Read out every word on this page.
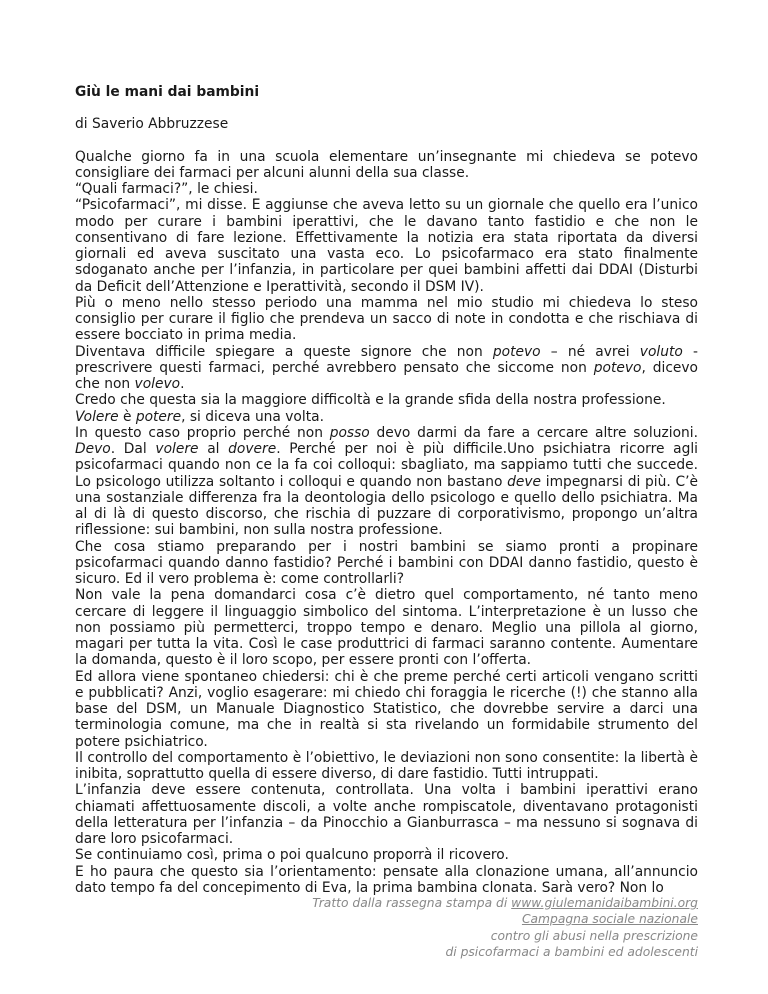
Giù le mani dai bambini
di Saverio Abbruzzese

Qualche giorno fa in una scuola elementare un’insegnante mi chiedeva se potevo consigliare dei farmaci per alcuni alunni della sua classe.

“Quali farmaci?”, le chiesi.

“Psicofarmaci”, mi disse. E aggiunse che aveva letto su un giornale che quello era l’unico modo per curare i bambini iperattivi, che le davano tanto fastidio e che non le consentivano di fare lezione. Effettivamente la notizia era stata riportata da diversi giornali ed aveva suscitato una vasta eco. Lo psicofarmaco era stato finalmente sdoganato anche per l’infanzia, in particolare per quei bambini affetti dai DDAI (Disturbi da Deficit dell’Attenzione e Iperattività, secondo il DSM IV).

Più o meno nello stesso periodo una mamma nel mio studio mi chiedeva lo steso consiglio per curare il figlio che prendeva un sacco di note in condotta e che rischiava di essere bocciato in prima media.

Diventava difficile spiegare a queste signore che non potevo – né avrei voluto - prescrivere questi farmaci, perché avrebbero pensato che siccome non potevo, dicevo che non volevo.

Credo che questa sia la maggiore difficoltà e la grande sfida della nostra professione.

Volere è potere, si diceva una volta.

In questo caso proprio perché non posso devo darmi da fare a cercare altre soluzioni. Devo. Dal volere al dovere. Perché per noi è più difficile.Uno psichiatra ricorre agli psicofarmaci quando non ce la fa coi colloqui: sbagliato, ma sappiamo tutti che succede. Lo psicologo utilizza soltanto i colloqui e quando non bastano deve impegnarsi di più. C’è una sostanziale differenza fra la deontologia dello psicologo e quello dello psichiatra. Ma al di là di questo discorso, che rischia di puzzare di corporativismo, propongo un’altra riflessione: sui bambini, non sulla nostra professione.

Che cosa stiamo preparando per i nostri bambini se siamo pronti a propinare psicofarmaci quando danno fastidio? Perché i bambini con DDAI danno fastidio, questo è sicuro. Ed il vero problema è: come controllarli?

Non vale la pena domandarci cosa c’è dietro quel comportamento, né tanto meno cercare di leggere il linguaggio simbolico del sintoma. L’interpretazione è un lusso che non possiamo più permetterci, troppo tempo e denaro. Meglio una pillola al giorno, magari per tutta la vita. Così le case produttrici di farmaci saranno contente. Aumentare la domanda, questo è il loro scopo, per essere pronti con l’offerta.

Ed allora viene spontaneo chiedersi: chi è che preme perché certi articoli vengano scritti e pubblicati? Anzi, voglio esagerare: mi chiedo chi foraggia le ricerche (!) che stanno alla base del DSM, un Manuale Diagnostico Statistico, che dovrebbe servire a darci una terminologia comune, ma che in realtà si sta rivelando un formidabile strumento del potere psichiatrico.

Il controllo del comportamento è l’obiettivo, le deviazioni non sono consentite: la libertà è inibita, soprattutto quella di essere diverso, di dare fastidio. Tutti intruppati.

L’infanzia deve essere contenuta, controllata. Una volta i bambini iperattivi erano chiamati affettuosamente discoli, a volte anche rompiscatole, diventavano protagonisti della letteratura per l’infanzia – da Pinocchio a Gianburrasca – ma nessuno si sognava di dare loro psicofarmaci.

Se continuiamo così, prima o poi qualcuno proporrà il ricovero.

E ho paura che questo sia l’orientamento: pensate alla clonazione umana, all’annuncio dato tempo fa del concepimento di Eva, la prima bambina clonata. Sarà vero? Non lo

Tratto dalla rassegna stampa di www.giulemanidaibambini.org
Campagna sociale nazionale
contro gli abusi nella prescrizione
di psicofarmaci a bambini ed adolescenti
